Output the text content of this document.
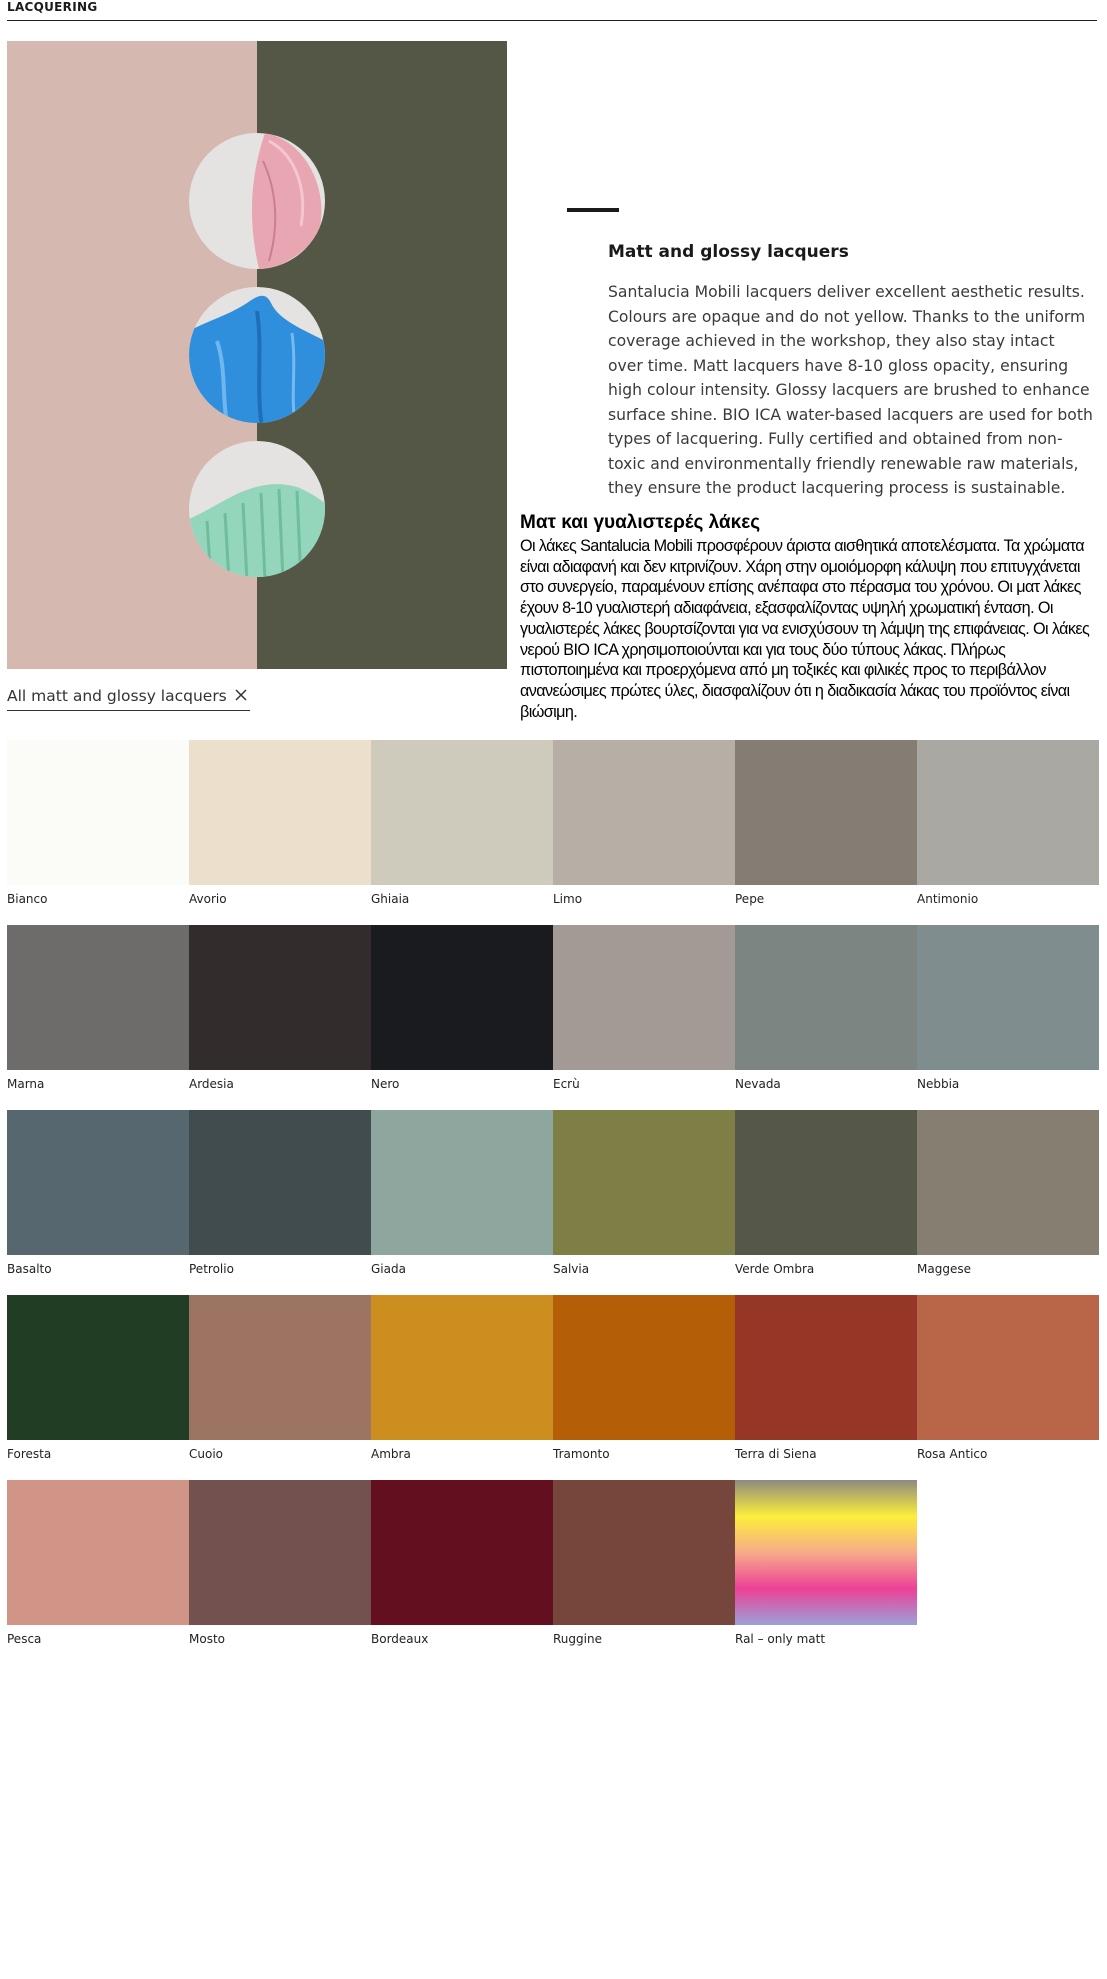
LACQUERING
Matt and glossy lacquers

Santalucia Mobili lacquers deliver excellent aesthetic results. Colours are opaque and do not yellow. Thanks to the uniform coverage achieved in the workshop, they also stay intact over time. Matt lacquers have 8-10 gloss opacity, ensuring high colour intensity. Glossy lacquers are brushed to enhance surface shine. BIO ICA water-based lacquers are used for both types of lacquering. Fully certified and obtained from non-toxic and environmentally friendly renewable raw materials, they ensure the product lacquering process is sustainable.

Ματ και γυαλιστερές λάκες

Οι λάκες Santalucia Mobili προσφέρουν άριστα αισθητικά αποτελέσματα. Τα χρώματα είναι αδιαφανή και δεν κιτρινίζουν. Χάρη στην ομοιόμορφη κάλυψη που επιτυγχάνεται στο συνεργείο, παραμένουν επίσης ανέπαφα στο πέρασμα του χρόνου. Οι ματ λάκες έχουν 8-10 γυαλιστερή αδιαφάνεια, εξασφαλίζοντας υψηλή χρωματική ένταση. Οι γυαλιστερές λάκες βουρτσίζονται για να ενισχύσουν τη λάμψη της επιφάνειας. Οι λάκες νερού BIO ICA χρησιμοποιούνται και για τους δύο τύπους λάκας. Πλήρως πιστοποιημένα και προερχόμενα από μη τοξικές και φιλικές προς το περιβάλλον ανανεώσιμες πρώτες ύλες, διασφαλίζουν ότι η διαδικασία λάκας του προϊόντος είναι βιώσιμη.

All matt and glossy lacquers
Bianco	Avorio	Ghiaia	Limo	Pepe	Antimonio
Marna	Ardesia	Nero	Ecrù	Nevada	Nebbia
Basalto	Petrolio	Giada	Salvia	Verde Ombra	Maggese
Foresta	Cuoio	Ambra	Tramonto	Terra di Siena	Rosa Antico
Pesca	Mosto	Bordeaux	Ruggine	Ral – only matt
